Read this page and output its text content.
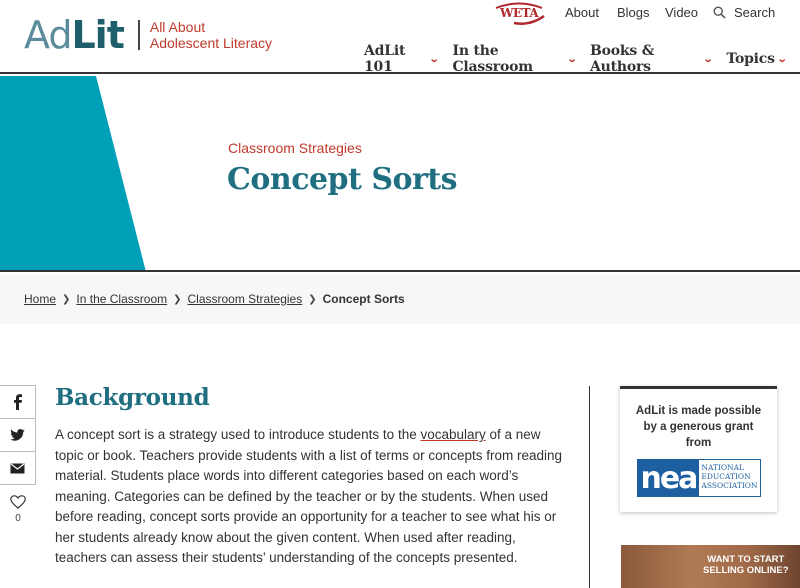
Ad Lit All About
Adolescent Literacy
WETA About Blogs Video	Search
AdLit 101	⌄ In the Classroom	⌄ Books & Authors	⌄ Topics ⌄
Classroom Strategies
Concept Sorts
Home ❯ In the Classroom ❯ Classroom Strategies ❯ Concept Sorts
0
Background

A concept sort is a strategy used to introduce students to the vocabulary of a new topic or book. Teachers provide students with a list of terms or concepts from reading material. Students place words into different categories based on each word’s meaning. Categories can be defined by the teacher or by the students. When used before reading, concept sorts provide an opportunity for a teacher to see what his or her students already know about the given content. When used after reading, teachers can assess their students’ understanding of the concepts presented.

AdLit is made possible by a generous grant from
nea NATIONAL
EDUCATION
ASSOCIATION
WANT TO START
SELLING ONLINE?
